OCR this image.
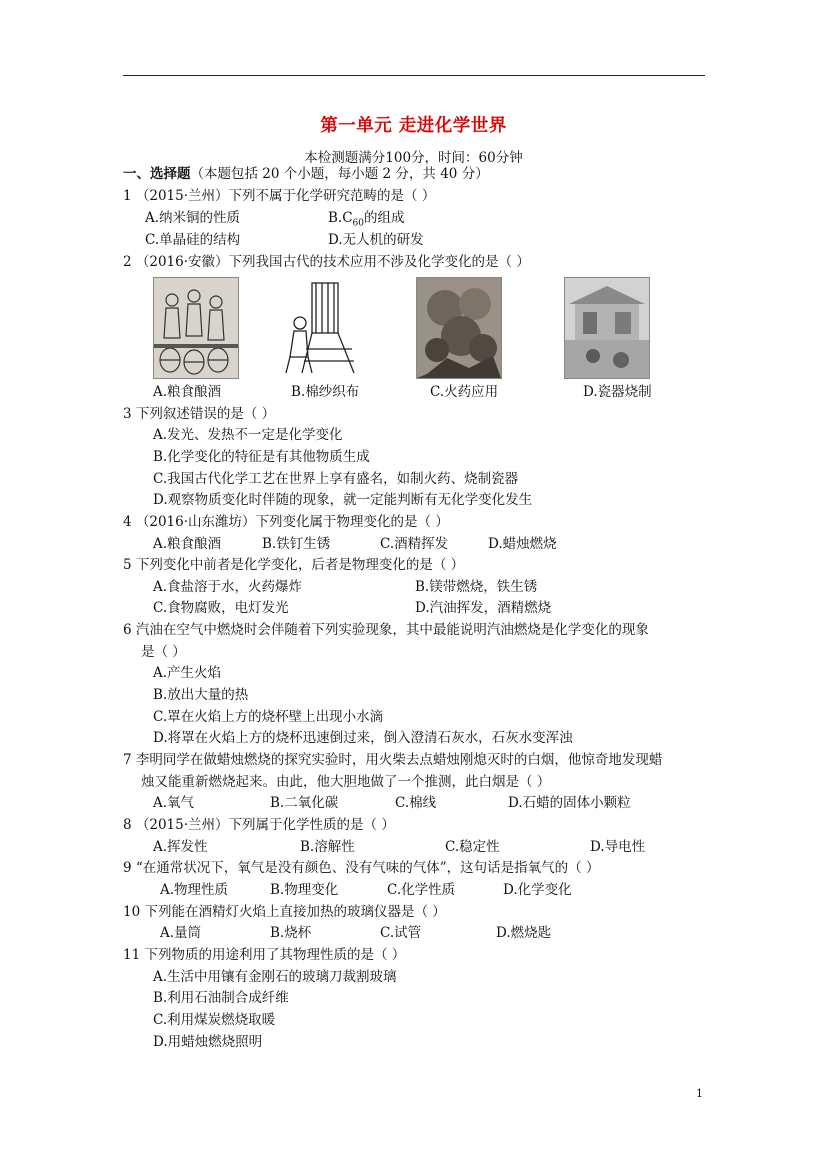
第一单元 走进化学世界
本检测题满分100分，时间：60分钟
一、选择题（本题包括 20 个小题，每小题 2 分，共 40 分）
1 （2015·兰州）下列不属于化学研究范畴的是（ ）
A.纳米铜的性质	$B.C_{60}$的组成
C.单晶硅的结构	D.无人机的研发
2 （2016·安徽）下列我国古代的技术应用不涉及化学变化的是（ ）
A.粮食酿酒	B.棉纱织布	C.火药应用	D.瓷器烧制
3 下列叙述错误的是（ ）
A.发光、发热不一定是化学变化
B.化学变化的特征是有其他物质生成
C.我国古代化学工艺在世界上享有盛名，如制火药、烧制瓷器
D.观察物质变化时伴随的现象，就一定能判断有无化学变化发生
4 （2016·山东潍坊）下列变化属于物理变化的是（ ）
A.粮食酿酒	B.铁钉生锈	C.酒精挥发	D.蜡烛燃烧
5 下列变化中前者是化学变化，后者是物理变化的是（ ）
A.食盐溶于水，火药爆炸	B.镁带燃烧，铁生锈
C.食物腐败，电灯发光	D.汽油挥发，酒精燃烧
6 汽油在空气中燃烧时会伴随着下列实验现象，其中最能说明汽油燃烧是化学变化的现象
是（ ）
A.产生火焰
B.放出大量的热
C.罩在火焰上方的烧杯壁上出现小水滴
D.将罩在火焰上方的烧杯迅速倒过来，倒入澄清石灰水，石灰水变浑浊
7 李明同学在做蜡烛燃烧的探究实验时，用火柴去点蜡烛刚熄灭时的白烟，他惊奇地发现蜡
烛又能重新燃烧起来。由此，他大胆地做了一个推测，此白烟是（ ）
A.氧气	B.二氧化碳	C.棉线	D.石蜡的固体小颗粒
8 （2015·兰州）下列属于化学性质的是（ ）
A.挥发性	B.溶解性	C.稳定性	D.导电性
9 “在通常状况下，氧气是没有颜色、没有气味的气体”，这句话是指氧气的（ ）
A.物理性质	B.物理变化	C.化学性质	D.化学变化
10 下列能在酒精灯火焰上直接加热的玻璃仪器是（ ）
A.量筒	B.烧杯	C.试管	D.燃烧匙
11 下列物质的用途利用了其物理性质的是（ ）
A.生活中用镶有金刚石的玻璃刀裁割玻璃
B.利用石油制合成纤维
C.利用煤炭燃烧取暖
D.用蜡烛燃烧照明
1
